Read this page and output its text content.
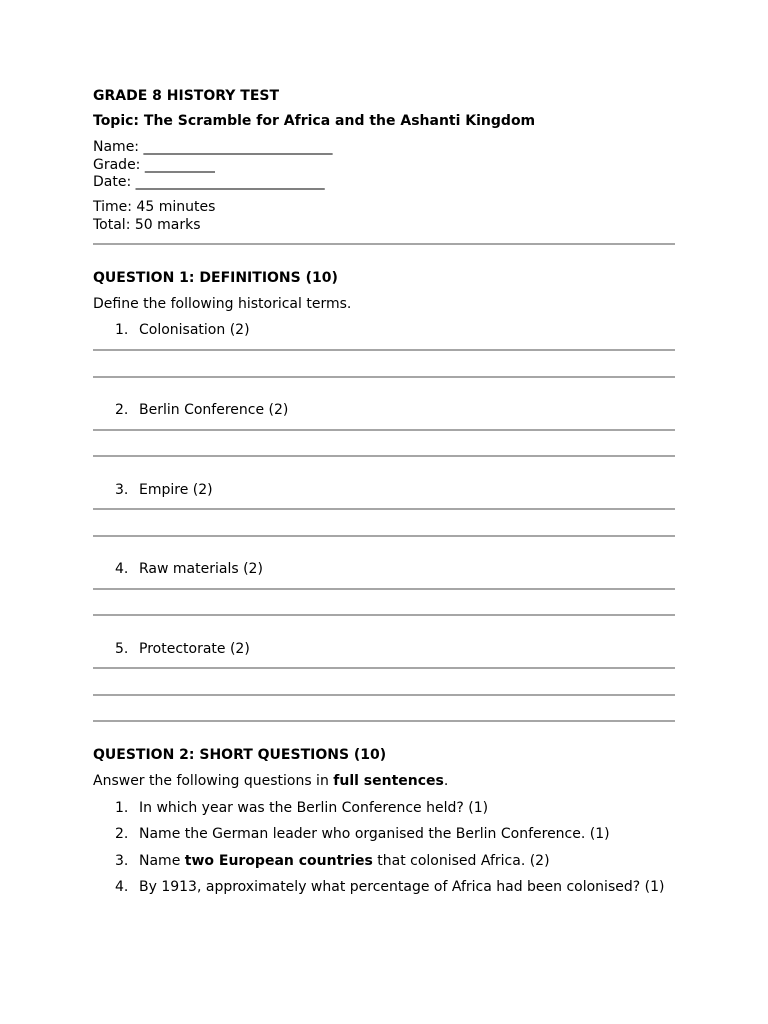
GRADE 8 HISTORY TEST
Topic: The Scramble for Africa and the Ashanti Kingdom
Name: ___________________________
Grade: __________
Date: ___________________________
Time: 45 minutes
Total: 50 marks
QUESTION 1: DEFINITIONS (10)
Define the following historical terms.
1. Colonisation (2)
2. Berlin Conference (2)
3. Empire (2)
4. Raw materials (2)
5. Protectorate (2)
QUESTION 2: SHORT QUESTIONS (10)
Answer the following questions in full sentences.
1. In which year was the Berlin Conference held? (1)
2. Name the German leader who organised the Berlin Conference. (1)
3. Name two European countries that colonised Africa. (2)
4. By 1913, approximately what percentage of Africa had been colonised? (1)
